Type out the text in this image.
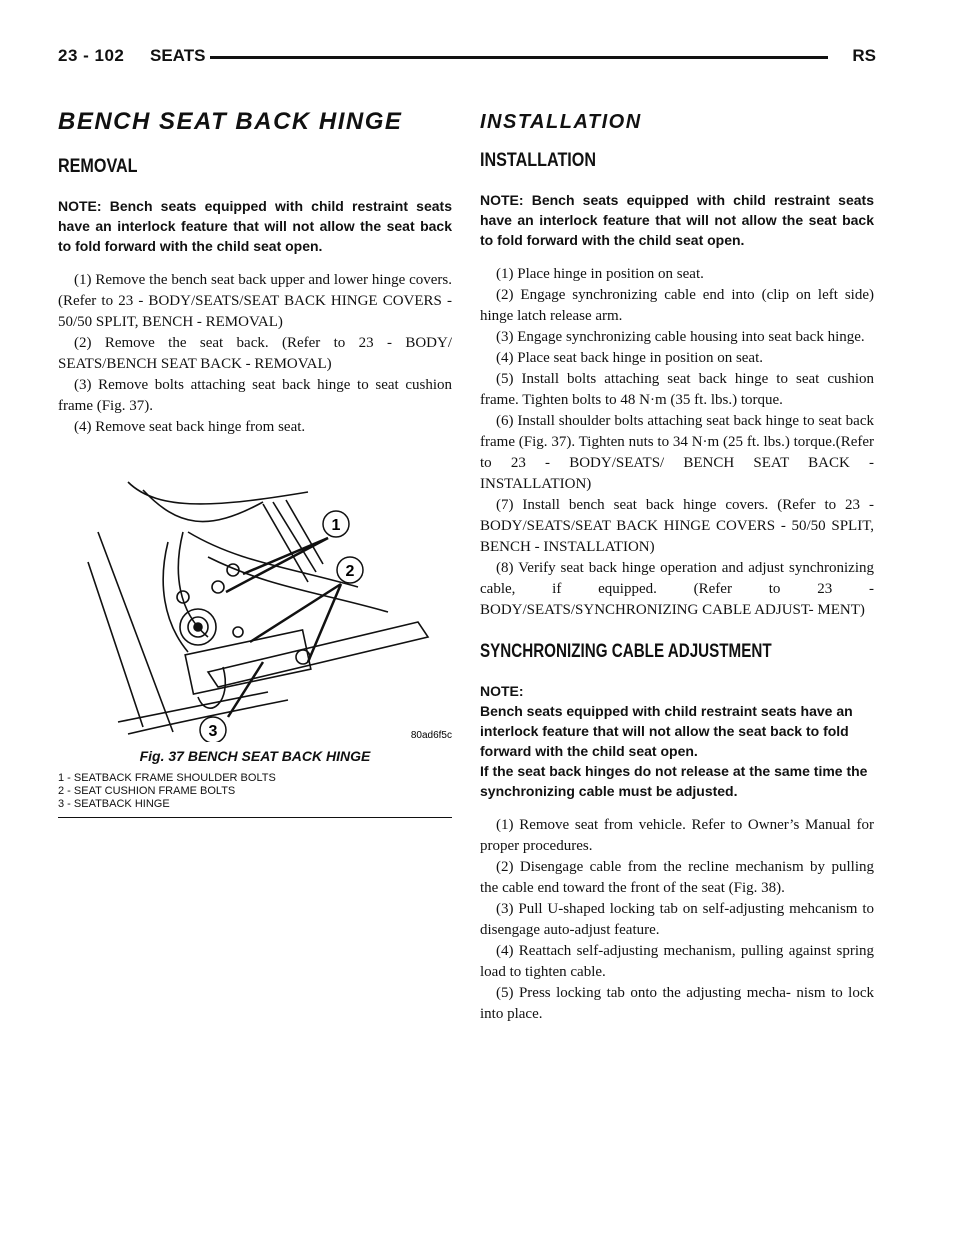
23 - 102 SEATS	RS
BENCH SEAT BACK HINGE
REMOVAL

NOTE: Bench seats equipped with child restraint seats have an interlock feature that will not allow the seat back to fold forward with the child seat open.

(1) Remove the bench seat back upper and lower hinge covers. (Refer to 23 - BODY/SEATS/SEAT BACK HINGE COVERS - 50/50 SPLIT, BENCH - REMOVAL)
(2) Remove the seat back. (Refer to 23 - BODY/ SEATS/BENCH SEAT BACK - REMOVAL)
(3) Remove bolts attaching seat back hinge to seat cushion frame (Fig. 37).
(4) Remove seat back hinge from seat.
1
2
3	80ad6f5c

Fig. 37 BENCH SEAT BACK HINGE

1 - SEATBACK FRAME SHOULDER BOLTS
2 - SEAT CUSHION FRAME BOLTS
3 - SEATBACK HINGE
INSTALLATION
INSTALLATION

NOTE: Bench seats equipped with child restraint seats have an interlock feature that will not allow the seat back to fold forward with the child seat open.

(1) Place hinge in position on seat.
(2) Engage synchronizing cable end into (clip on left side) hinge latch release arm.
(3) Engage synchronizing cable housing into seat back hinge.
(4) Place seat back hinge in position on seat.
(5) Install bolts attaching seat back hinge to seat cushion frame. Tighten bolts to 48 N·m (35 ft. lbs.) torque.
(6) Install shoulder bolts attaching seat back hinge to seat back frame (Fig. 37). Tighten nuts to 34 N·m (25 ft. lbs.) torque.(Refer to 23 - BODY/SEATS/ BENCH SEAT BACK - INSTALLATION)
(7) Install bench seat back hinge covers. (Refer to 23 - BODY/SEATS/SEAT BACK HINGE COVERS - 50/50 SPLIT, BENCH - INSTALLATION)
(8) Verify seat back hinge operation and adjust synchronizing cable, if equipped. (Refer to 23 - BODY/SEATS/SYNCHRONIZING CABLE ADJUST- MENT)
SYNCHRONIZING CABLE ADJUSTMENT

NOTE:
Bench seats equipped with child restraint seats have an interlock feature that will not allow the seat back to fold forward with the child seat open.
If the seat back hinges do not release at the same time the synchronizing cable must be adjusted.

(1) Remove seat from vehicle. Refer to Owner’s Manual for proper procedures.
(2) Disengage cable from the recline mechanism by pulling the cable end toward the front of the seat (Fig. 38).
(3) Pull U-shaped locking tab on self-adjusting mehcanism to disengage auto-adjust feature.
(4) Reattach self-adjusting mechanism, pulling against spring load to tighten cable.
(5) Press locking tab onto the adjusting mecha- nism to lock into place.
